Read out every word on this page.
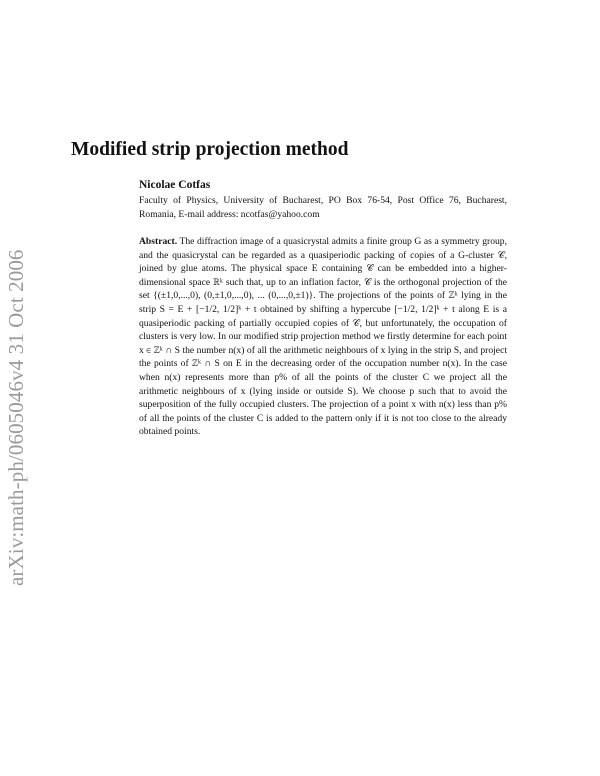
arXiv:math-ph/0605046v4 31 Oct 2006
Modified strip projection method
Nicolae Cotfas
Faculty of Physics, University of Bucharest, PO Box 76-54, Post Office 76, Bucharest, Romania, E-mail address: ncotfas@yahoo.com
Abstract. The diffraction image of a quasicrystal admits a finite group G as a symmetry group, and the quasicrystal can be regarded as a quasiperiodic packing of copies of a G-cluster 𝒞, joined by glue atoms. The physical space E containing 𝒞 can be embedded into a higher-dimensional space ℝᵏ such that, up to an inflation factor, 𝒞 is the orthogonal projection of the set {(±1,0,...,0), (0,±1,0,...,0), ... (0,...,0,±1)}. The projections of the points of ℤᵏ lying in the strip S = E + [−1/2, 1/2]ᵏ + t obtained by shifting a hypercube [−1/2, 1/2]ᵏ + t along E is a quasiperiodic packing of partially occupied copies of 𝒞, but unfortunately, the occupation of clusters is very low. In our modified strip projection method we firstly determine for each point x ∈ ℤᵏ ∩ S the number n(x) of all the arithmetic neighbours of x lying in the strip S, and project the points of ℤᵏ ∩ S on E in the decreasing order of the occupation number n(x). In the case when n(x) represents more than p% of all the points of the cluster C we project all the arithmetic neighbours of x (lying inside or outside S). We choose p such that to avoid the superposition of the fully occupied clusters. The projection of a point x with n(x) less than p% of all the points of the cluster C is added to the pattern only if it is not too close to the already obtained points.
